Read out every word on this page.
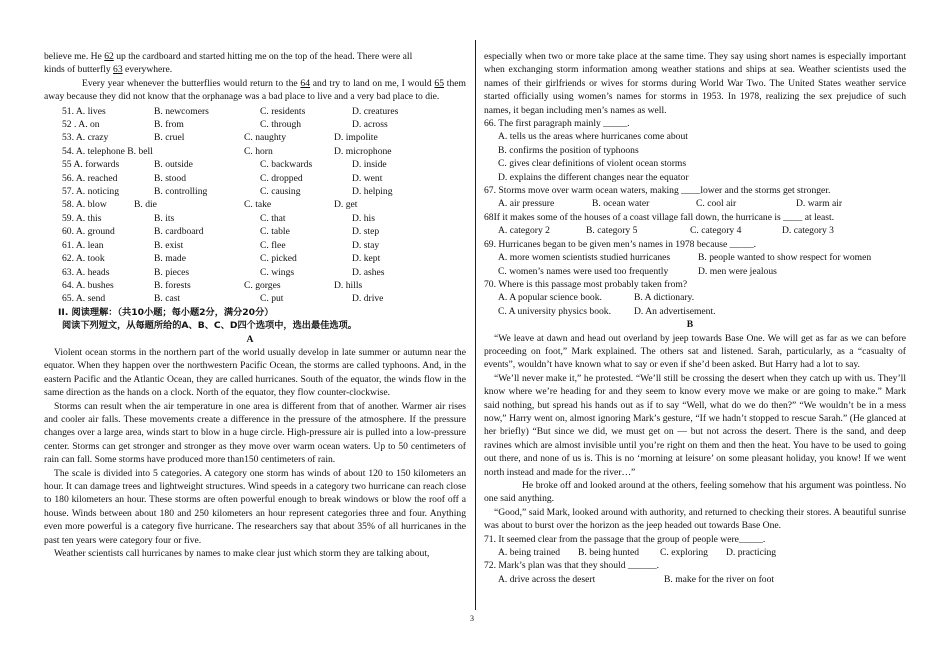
believe me. He 62 up the cardboard and started hitting me on the top of the head. There were all

kinds of butterfly 63 everywhere.

Every year whenever the butterflies would return to the 64 and try to land on me, I would 65 them away because they did not know that the orphanage was a bad place to live and a very bad place to die.

51. A. lives	B. newcomers	C. residents	D. creatures
52 . A. on	B. from	C. through	D. across
53. A. crazy	B. cruel	C. naughty	D. impolite
54. A. telephone B. bell	C. horn	D. microphone
55 A. forwards	B. outside	C. backwards	D. inside
56. A. reached	B. stood	C. dropped	D. went
57. A. noticing	B. controlling	C. causing	D. helping
58. A. blow	B. die	C. take	D. get
59. A. this	B. its	C. that	D. his
60. A. ground	B. cardboard	C. table	D. step
61. A. lean	B. exist	C. flee	D. stay
62. A. took	B. made	C. picked	D. kept
63. A. heads	B. pieces	C. wings	D. ashes
64. A. bushes	B. forests	C. gorges	D. hills
65. A. send	B. cast	C. put	D. drive

II. 阅读理解：（共10小题；每小题2分，满分20分）

阅读下列短文，从每题所给的A、B、C、D四个选项中，选出最佳选项。

A

Violent ocean storms in the northern part of the world usually develop in late summer or autumn near the equator. When they happen over the northwestern Pacific Ocean, the storms are called typhoons. And, in the eastern Pacific and the Atlantic Ocean, they are called hurricanes. South of the equator, the winds flow in the same direction as the hands on a clock. North of the equator, they flow counter-clockwise.

Storms can result when the air temperature in one area is different from that of another. Warmer air rises and cooler air falls. These movements create a difference in the pressure of the atmosphere. If the pressure changes over a large area, winds start to blow in a huge circle. High-pressure air is pulled into a low-pressure center. Storms can get stronger and stronger as they move over warm ocean waters. Up to 50 centimeters of rain can fall. Some storms have produced more than150 centimeters of rain.

The scale is divided into 5 categories. A category one storm has winds of about 120 to 150 kilometers an hour. It can damage trees and lightweight structures. Wind speeds in a category two hurricane can reach close to 180 kilometers an hour. These storms are often powerful enough to break windows or blow the roof off a house. Winds between about 180 and 250 kilometers an hour represent categories three and four. Anything even more powerful is a category five hurricane. The researchers say that about 35% of all hurricanes in the past ten years were category four or five.

Weather scientists call hurricanes by names to make clear just which storm they are talking about,

especially when two or more take place at the same time. They say using short names is especially important when exchanging storm information among weather stations and ships at sea. Weather scientists used the names of their girlfriends or wives for storms during World War Two. The United States weather service started officially using women’s names for storms in 1953. In 1978, realizing the sex prejudice of such names, it began including men’s names as well.

66. The first paragraph mainly _____.

A. tells us the areas where hurricanes come about

B. confirms the position of typhoons

C. gives clear definitions of violent ocean storms

D. explains the different changes near the equator

67. Storms move over warm ocean waters, making ____lower and the storms get stronger.

A. air pressure	B. ocean water	C. cool air	D. warm air

68If it makes some of the houses of a coast village fall down, the hurricane is ____ at least.

A. category 2	B. category 5	C. category 4	D. category 3

69. Hurricanes began to be given men’s names in 1978 because _____.

A. more women scientists studied hurricanes	B. people wanted to show respect for women
C. women’s names were used too frequently	D. men were jealous

70. Where is this passage most probably taken from?

A. A popular science book.	B. A dictionary.
C. A university physics book.	D. An advertisement.

B

“We leave at dawn and head out overland by jeep towards Base One. We will get as far as we can before proceeding on foot,” Mark explained. The others sat and listened. Sarah, particularly, as a “casualty of events”, wouldn’t have known what to say or even if she’d been asked. But Harry had a lot to say.

“We’ll never make it,” he protested. “We’ll still be crossing the desert when they catch up with us. They’ll know where we’re heading for and they seem to know every move we make or are going to make.” Mark said nothing, but spread his hands out as if to say “Well, what do we do then?” “We wouldn’t be in a mess now,” Harry went on, almost ignoring Mark’s gesture, “If we hadn’t stopped to rescue Sarah.” (He glanced at her briefly) “But since we did, we must get on — but not across the desert. There is the sand, and deep ravines which are almost invisible until you’re right on them and then the heat. You have to be used to going out there, and none of us is. This is no ‘morning at leisure’ on some pleasant holiday, you know! If we went north instead and made for the river…”

He broke off and looked around at the others, feeling somehow that his argument was pointless. No one said anything.

“Good,” said Mark, looked around with authority, and returned to checking their stores. A beautiful sunrise was about to burst over the horizon as the jeep headed out towards Base One.

71. It seemed clear from the passage that the group of people were_____.

A. being trained	B. being hunted	C. exploring	D. practicing

72. Mark’s plan was that they should ______.

A. drive across the desert	B. make for the river on foot
3
